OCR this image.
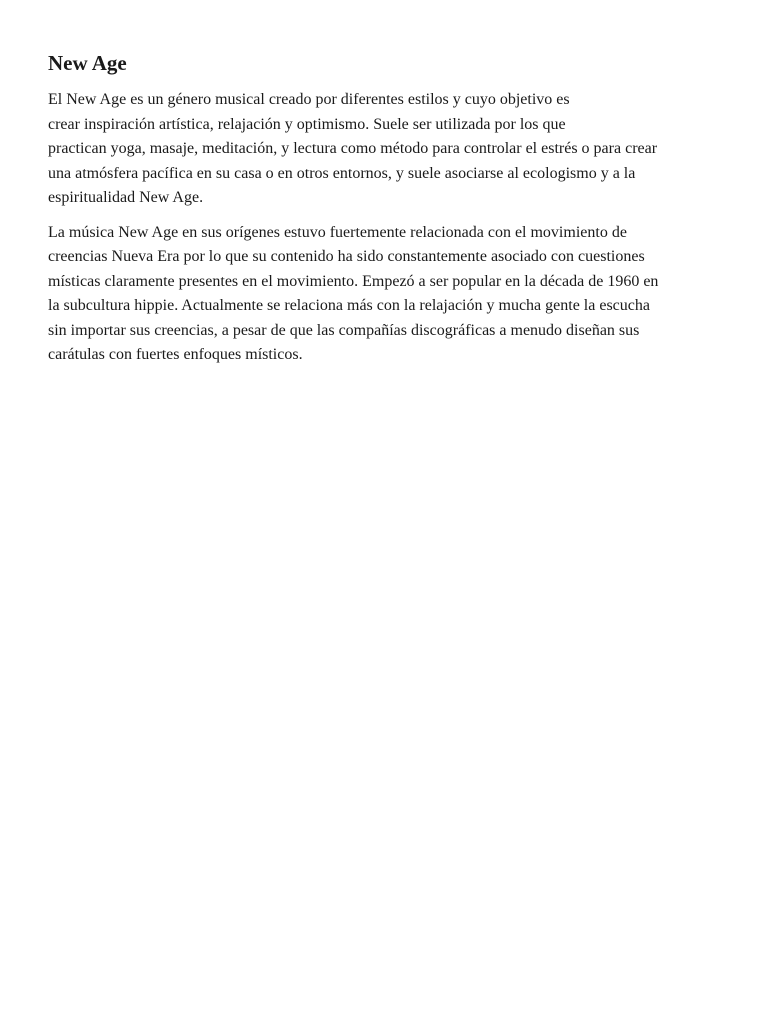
New Age

El New Age es un género musical creado por diferentes estilos y cuyo objetivo es
crear inspiración artística, relajación y optimismo. Suele ser utilizada por los que
practican yoga, masaje, meditación, y lectura como método para controlar el estrés o para crear
una atmósfera pacífica en su casa o en otros entornos, y suele asociarse al ecologismo y a la
espiritualidad New Age.

La música New Age en sus orígenes estuvo fuertemente relacionada con el movimiento de
creencias Nueva Era por lo que su contenido ha sido constantemente asociado con cuestiones
místicas claramente presentes en el movimiento. Empezó a ser popular en la década de 1960 en
la subcultura hippie. Actualmente se relaciona más con la relajación y mucha gente la escucha
sin importar sus creencias, a pesar de que las compañías discográficas a menudo diseñan sus
carátulas con fuertes enfoques místicos.
